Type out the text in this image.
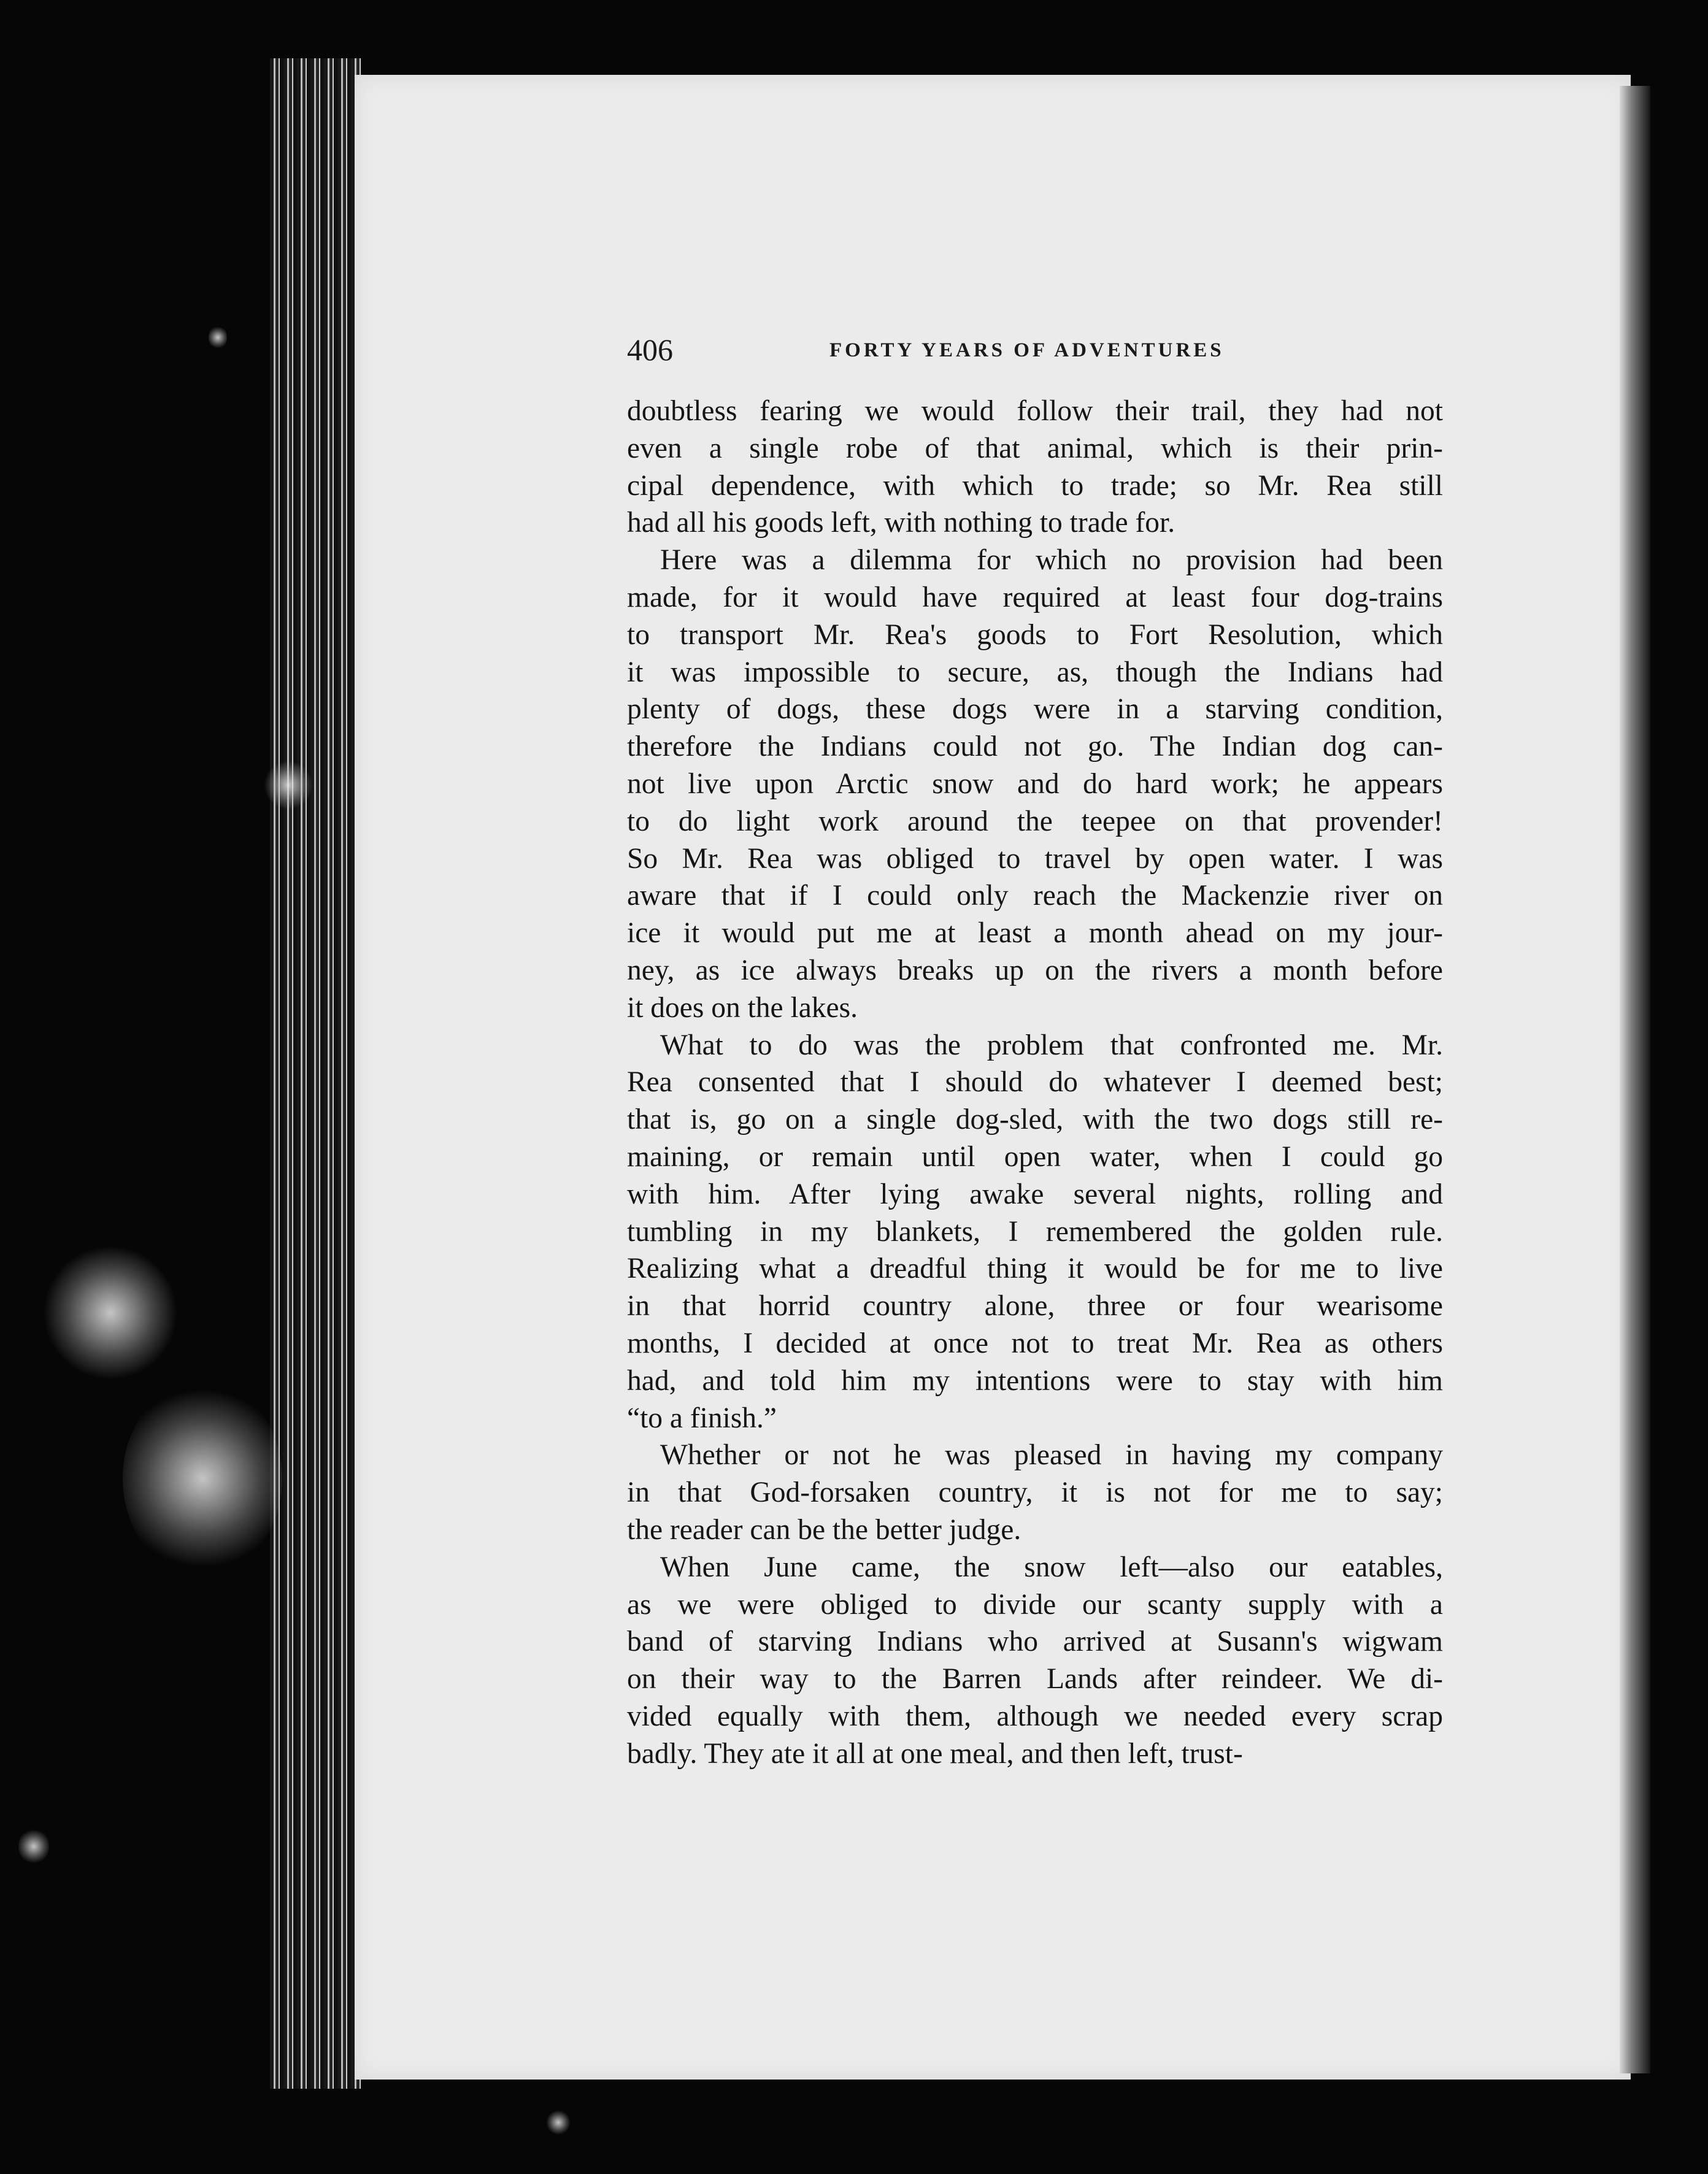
406	FORTY YEARS OF ADVENTURES
doubtless fearing we would follow their trail, they had not
even a single robe of that animal, which is their prin-
cipal dependence, with which to trade; so Mr. Rea still
had all his goods left, with nothing to trade for.
Here was a dilemma for which no provision had been
made, for it would have required at least four dog-trains
to transport Mr. Rea's goods to Fort Resolution, which
it was impossible to secure, as, though the Indians had
plenty of dogs, these dogs were in a starving condition,
therefore the Indians could not go. The Indian dog can-
not live upon Arctic snow and do hard work; he appears
to do light work around the teepee on that provender!
So Mr. Rea was obliged to travel by open water. I was
aware that if I could only reach the Mackenzie river on
ice it would put me at least a month ahead on my jour-
ney, as ice always breaks up on the rivers a month before
it does on the lakes.
What to do was the problem that confronted me. Mr.
Rea consented that I should do whatever I deemed best;
that is, go on a single dog-sled, with the two dogs still re-
maining, or remain until open water, when I could go
with him. After lying awake several nights, rolling and
tumbling in my blankets, I remembered the golden rule.
Realizing what a dreadful thing it would be for me to live
in that horrid country alone, three or four wearisome
months, I decided at once not to treat Mr. Rea as others
had, and told him my intentions were to stay with him
“to a finish.”
Whether or not he was pleased in having my company
in that God-forsaken country, it is not for me to say;
the reader can be the better judge.
When June came, the snow left—also our eatables,
as we were obliged to divide our scanty supply with a
band of starving Indians who arrived at Susann's wigwam
on their way to the Barren Lands after reindeer. We di-
vided equally with them, although we needed every scrap
badly. They ate it all at one meal, and then left, trust-
